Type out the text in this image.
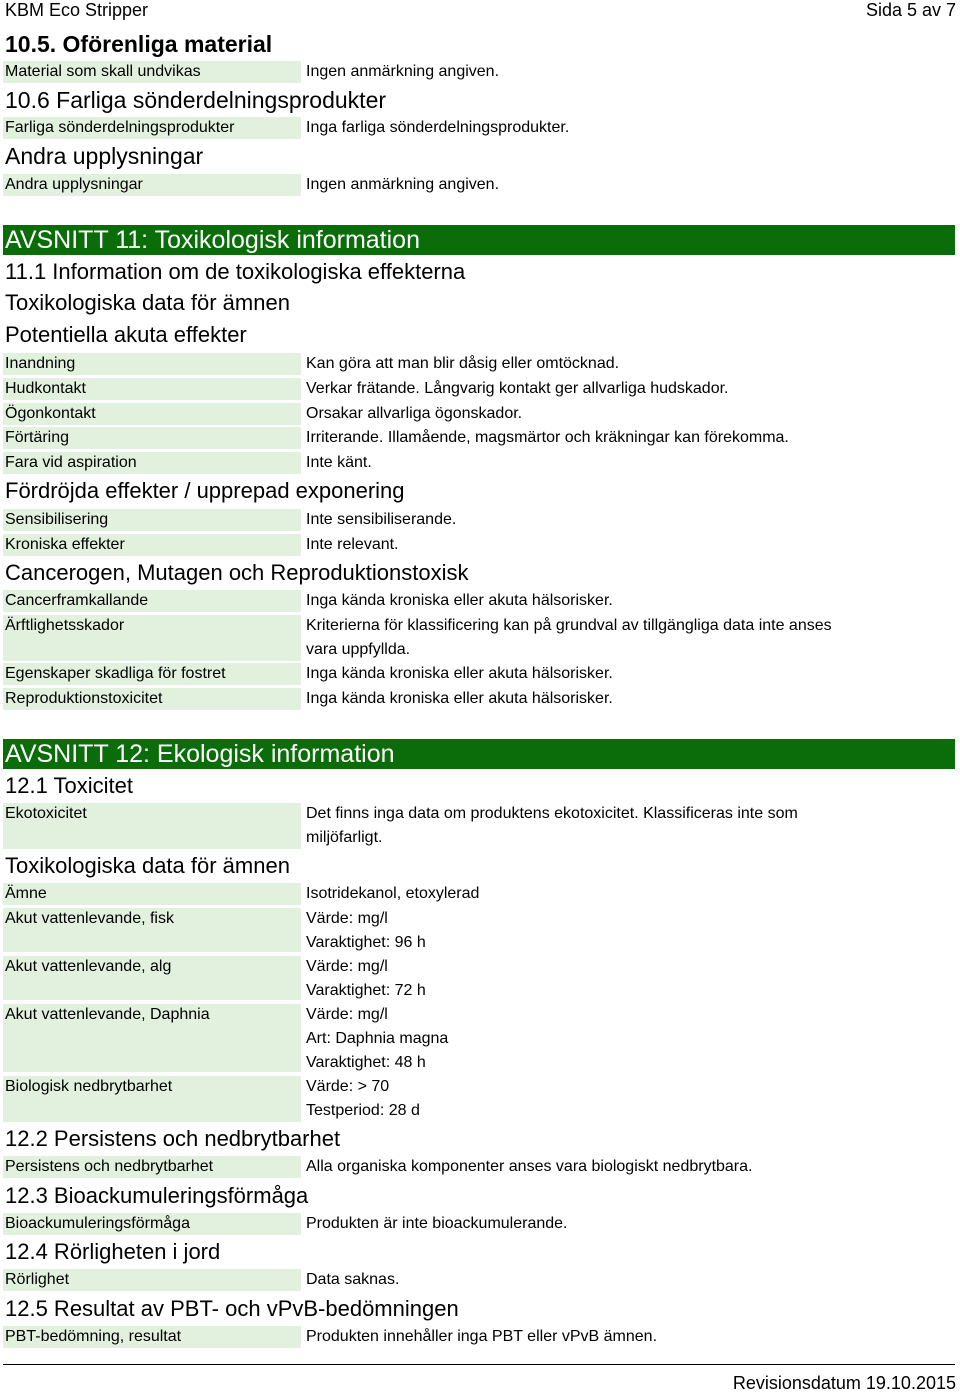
KBM Eco Stripper	Sida 5 av 7
10.5. Oförenliga material
Material som skall undvikas	Ingen anmärkning angiven.
10.6 Farliga sönderdelningsprodukter
Farliga sönderdelningsprodukter	Inga farliga sönderdelningsprodukter.
Andra upplysningar
Andra upplysningar	Ingen anmärkning angiven.
AVSNITT 11: Toxikologisk information
11.1 Information om de toxikologiska effekterna
Toxikologiska data för ämnen
Potentiella akuta effekter
Inandning	Kan göra att man blir dåsig eller omtöcknad.
Hudkontakt	Verkar frätande. Långvarig kontakt ger allvarliga hudskador.
Ögonkontakt	Orsakar allvarliga ögonskador.
Förtäring	Irriterande. Illamående, magsmärtor och kräkningar kan förekomma.
Fara vid aspiration	Inte känt.
Fördröjda effekter / upprepad exponering
Sensibilisering	Inte sensibiliserande.
Kroniska effekter	Inte relevant.
Cancerogen, Mutagen och Reproduktionstoxisk
Cancerframkallande	Inga kända kroniska eller akuta hälsorisker.
Ärftlighetsskador	Kriterierna för klassificering kan på grundval av tillgängliga data inte anses
vara uppfyllda.
Egenskaper skadliga för fostret	Inga kända kroniska eller akuta hälsorisker.
Reproduktionstoxicitet	Inga kända kroniska eller akuta hälsorisker.
AVSNITT 12: Ekologisk information
12.1 Toxicitet
Ekotoxicitet	Det finns inga data om produktens ekotoxicitet. Klassificeras inte som
miljöfarligt.
Toxikologiska data för ämnen
Ämne	Isotridekanol, etoxylerad
Akut vattenlevande, fisk	Värde: mg/l
Varaktighet: 96 h
Akut vattenlevande, alg	Värde: mg/l
Varaktighet: 72 h
Akut vattenlevande, Daphnia	Värde: mg/l
Art: Daphnia magna
Varaktighet: 48 h
Biologisk nedbrytbarhet	Värde: > 70
Testperiod: 28 d
12.2 Persistens och nedbrytbarhet
Persistens och nedbrytbarhet	Alla organiska komponenter anses vara biologiskt nedbrytbara.
12.3 Bioackumuleringsförmåga
Bioackumuleringsförmåga	Produkten är inte bioackumulerande.
12.4 Rörligheten i jord
Rörlighet	Data saknas.
12.5 Resultat av PBT- och vPvB-bedömningen
PBT-bedömning, resultat	Produkten innehåller inga PBT eller vPvB ämnen.
Revisionsdatum 19.10.2015
